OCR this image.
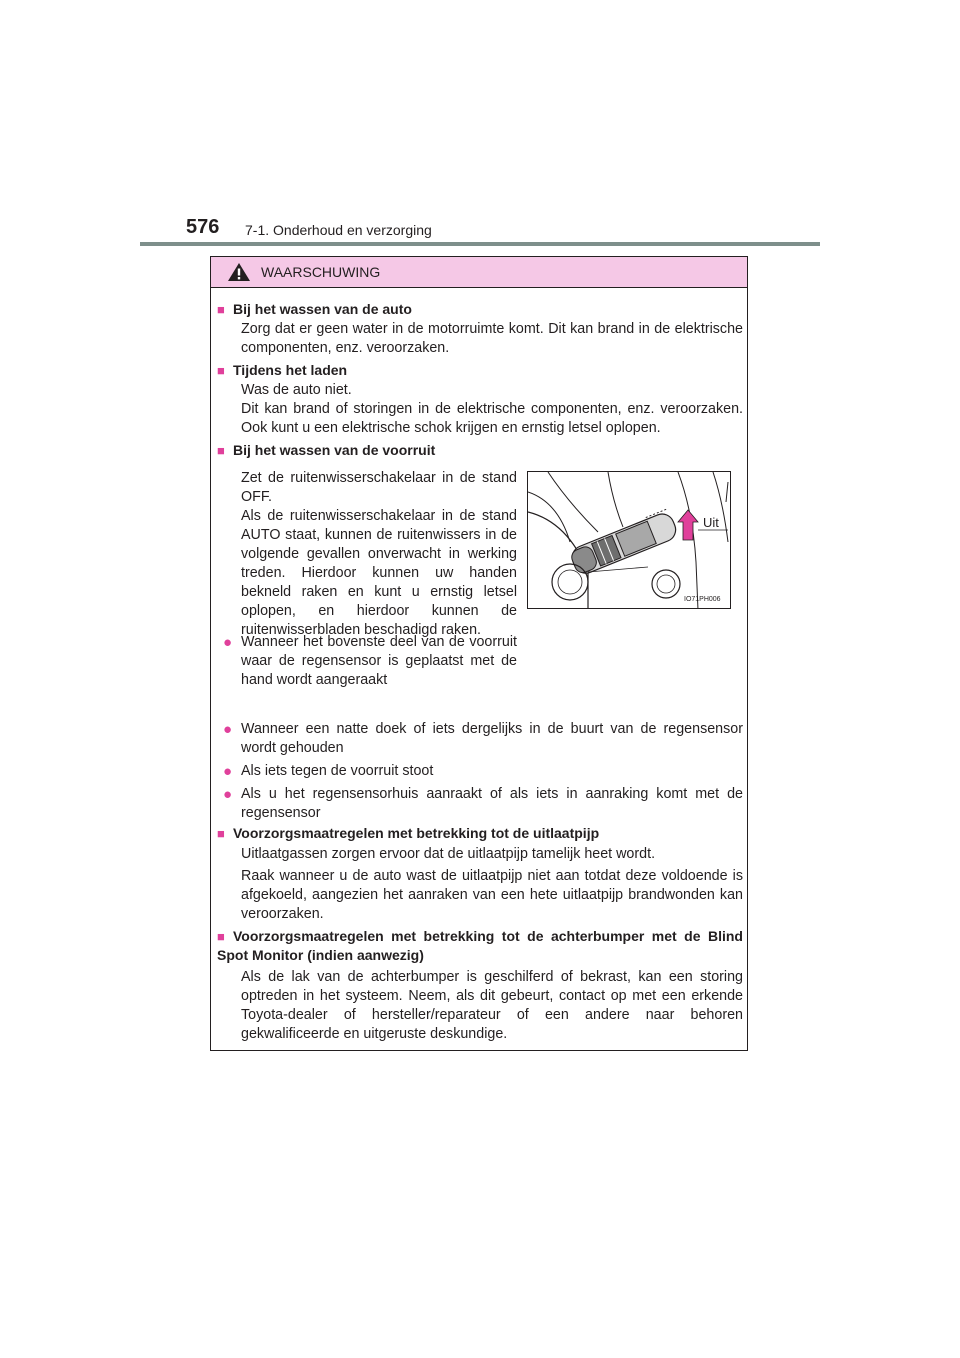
576 7-1. Onderhoud en verzorging
WAARSCHUWING
■ Bij het wassen van de auto
Zorg dat er geen water in de motorruimte komt. Dit kan brand in de elektrische componenten, enz. veroorzaken.
■ Tijdens het laden
Was de auto niet.
Dit kan brand of storingen in de elektrische componenten, enz. veroorzaken. Ook kunt u een elektrische schok krijgen en ernstig letsel oplopen.
■ Bij het wassen van de voorruit
Zet de ruitenwisserschakelaar in de stand OFF.
Als de ruitenwisserschakelaar in de stand AUTO staat, kunnen de ruitenwissers in de volgende gevallen onverwacht in werking treden. Hierdoor kunnen uw handen bekneld raken en kunt u ernstig letsel oplopen, en hierdoor kunnen de ruitenwisserbladen beschadigd raken.
● Wanneer het bovenste deel van de voorruit waar de regensensor is geplaatst met de hand wordt aangeraakt
Uit
IO71PH006
● Wanneer een natte doek of iets dergelijks in de buurt van de regensensor wordt gehouden
● Als iets tegen de voorruit stoot
● Als u het regensensorhuis aanraakt of als iets in aanraking komt met de regensensor
■ Voorzorgsmaatregelen met betrekking tot de uitlaatpijp
Uitlaatgassen zorgen ervoor dat de uitlaatpijp tamelijk heet wordt.
Raak wanneer u de auto wast de uitlaatpijp niet aan totdat deze voldoende is afgekoeld, aangezien het aanraken van een hete uitlaatpijp brandwonden kan veroorzaken.
■ Voorzorgsmaatregelen met betrekking tot de achterbumper met de Blind Spot Monitor (indien aanwezig)
Als de lak van de achterbumper is geschilferd of bekrast, kan een storing optreden in het systeem. Neem, als dit gebeurt, contact op met een erkende Toyota-dealer of hersteller/reparateur of een andere naar behoren gekwalificeerde en uitgeruste deskundige.
